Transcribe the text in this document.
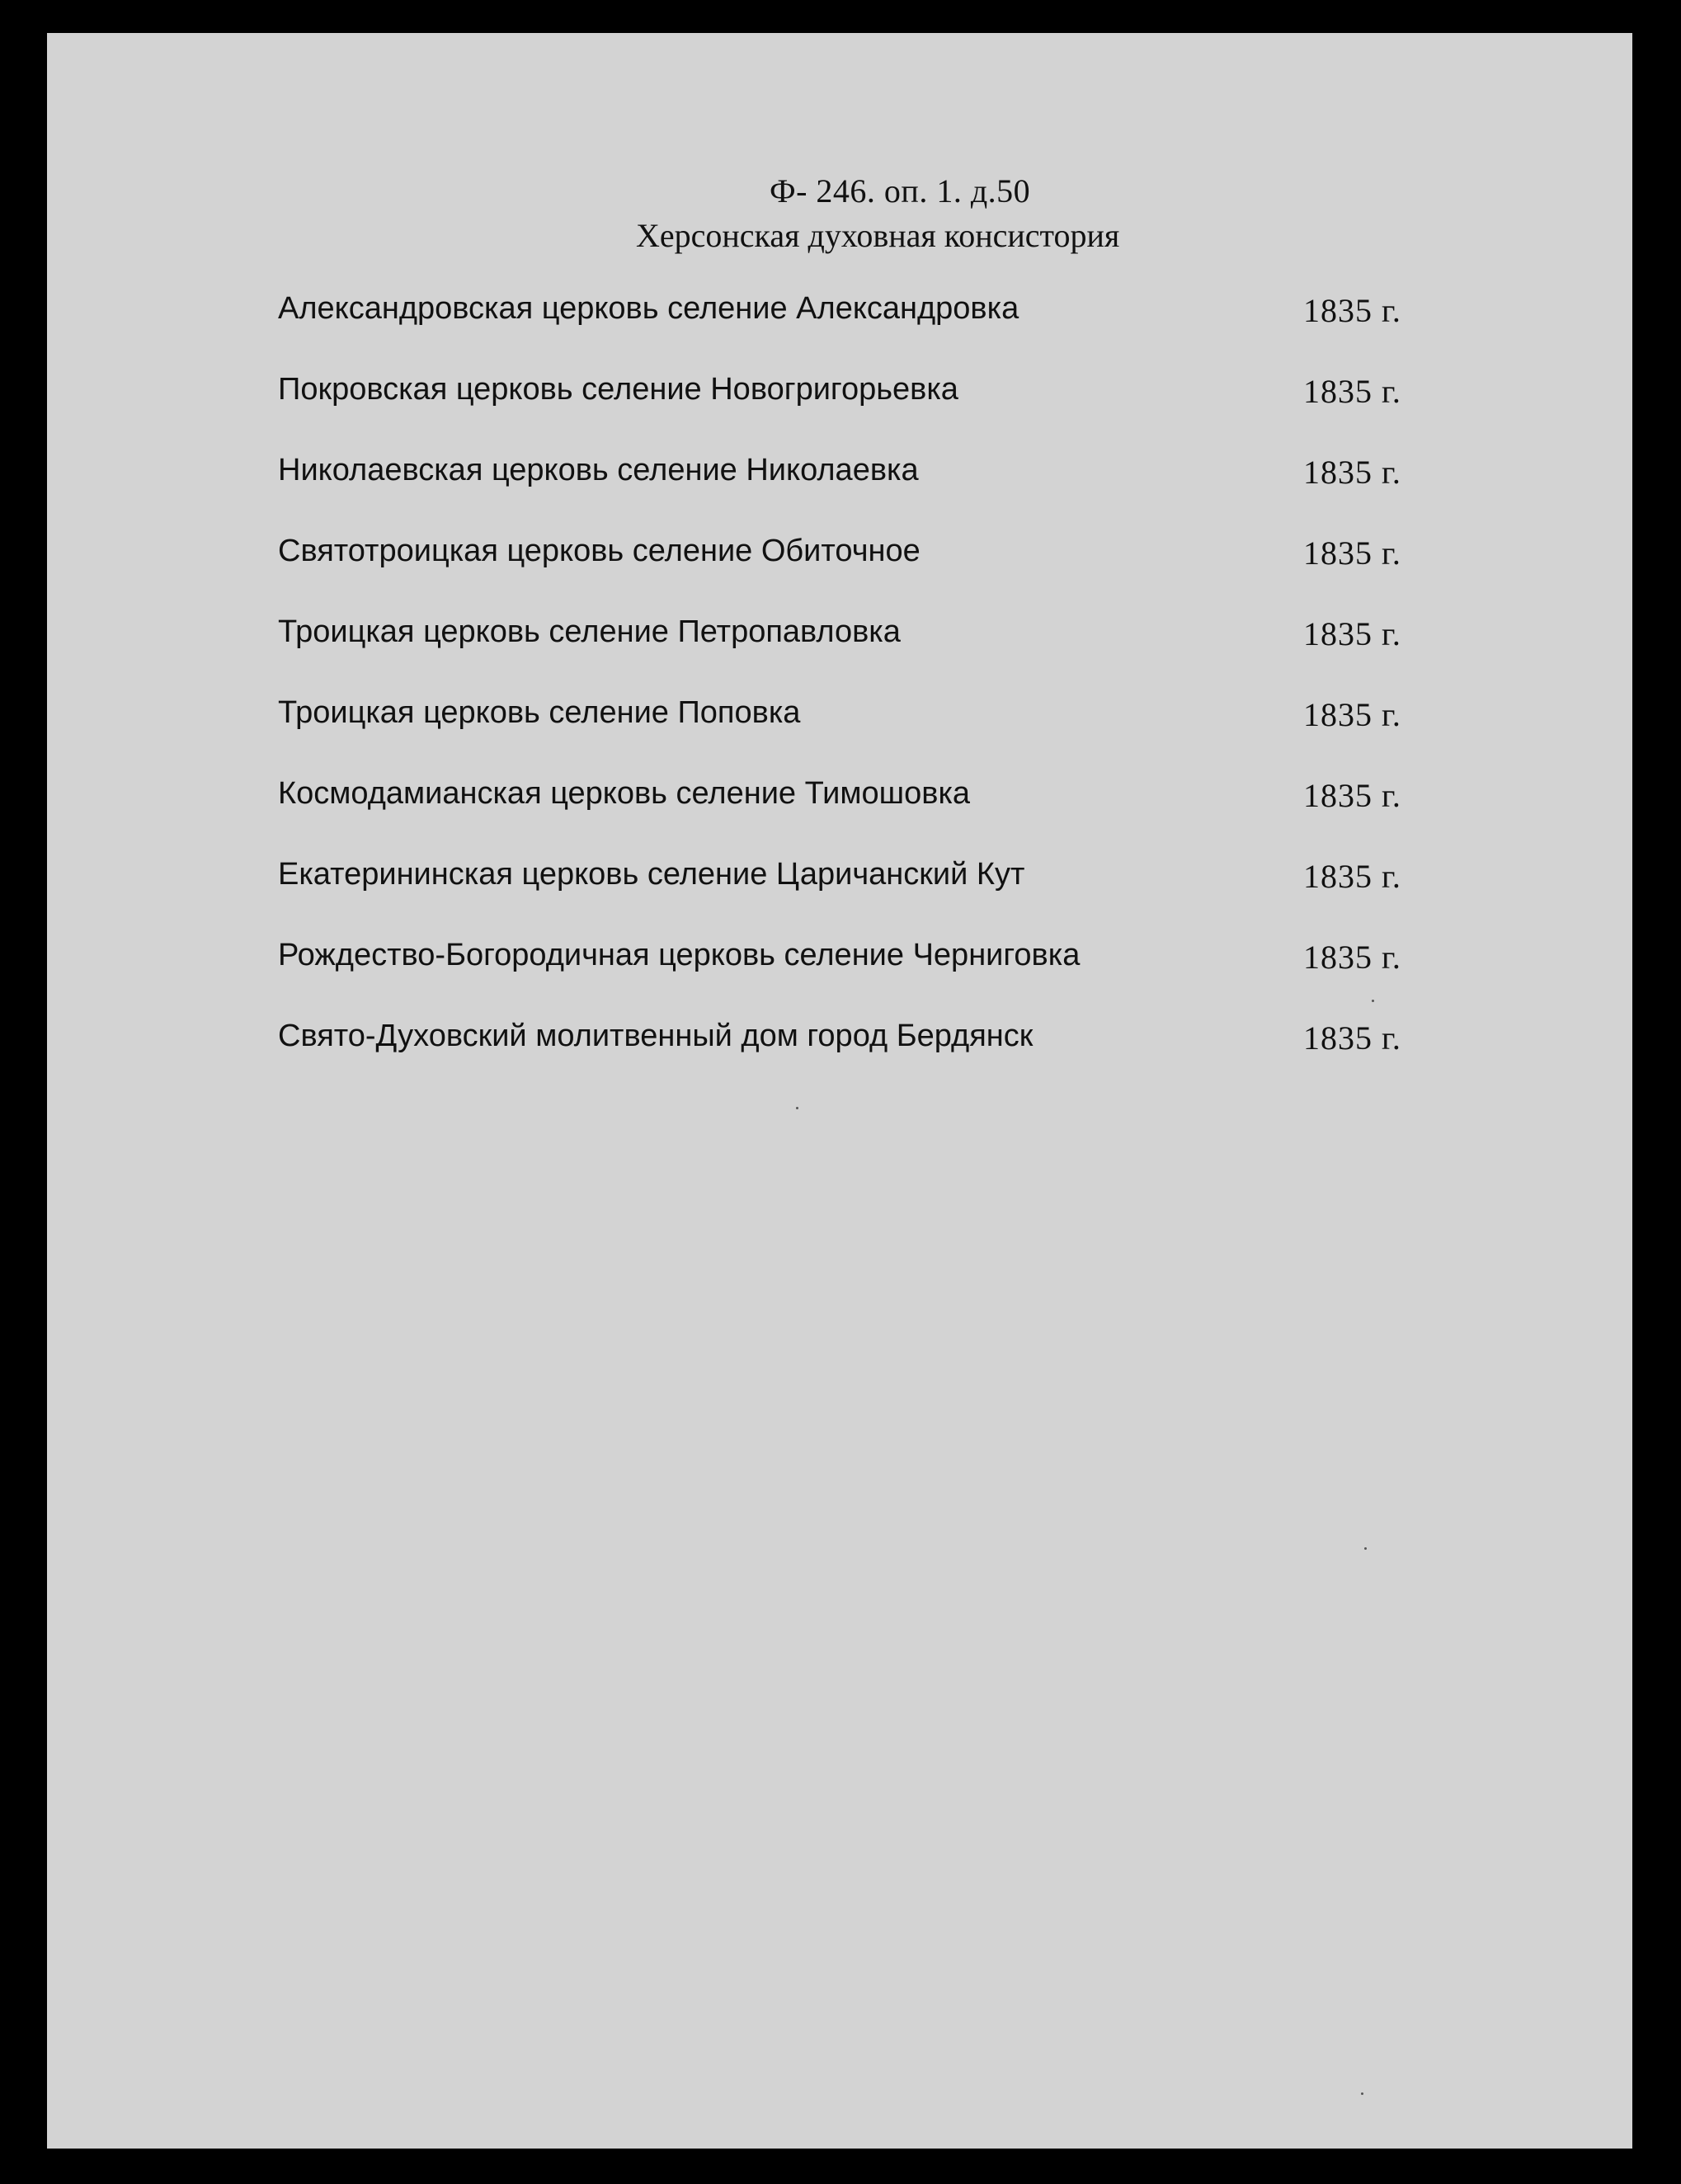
Ф- 246. оп. 1. д.50
Херсонская духовная консистория
Александровская церковь селение Александровка	1835 г.
Покровская церковь селение Новогригорьевка	1835 г.
Николаевская церковь селение Николаевка	1835 г.
Святотроицкая церковь селение Обиточное	1835 г.
Троицкая церковь селение Петропавловка	1835 г.
Троицкая церковь селение Поповка	1835 г.
Космодамианская церковь селение Тимошовка	1835 г.
Екатерининская церковь селение Царичанский Кут	1835 г.
Рождество-Богородичная церковь селение Черниговка	1835 г.
Свято-Духовский молитвенный дом город Бердянск	1835 г.
